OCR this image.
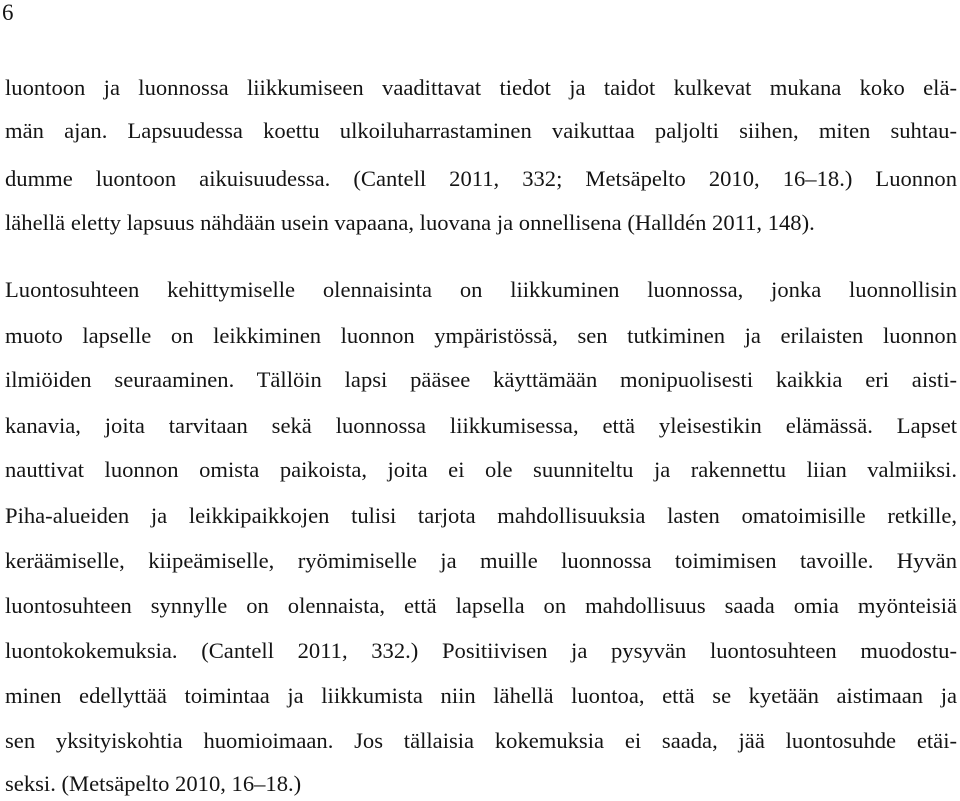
6
luontoon ja luonnossa liikkumiseen vaadittavat tiedot ja taidot kulkevat mukana koko elä-
män ajan. Lapsuudessa koettu ulkoiluharrastaminen vaikuttaa paljolti siihen, miten suhtau-
dumme luontoon aikuisuudessa. (Cantell 2011, 332; Metsäpelto 2010, 16–18.) Luonnon
lähellä eletty lapsuus nähdään usein vapaana, luovana ja onnellisena (Halldén 2011, 148).
Luontosuhteen kehittymiselle olennaisinta on liikkuminen luonnossa, jonka luonnollisin
muoto lapselle on leikkiminen luonnon ympäristössä, sen tutkiminen ja erilaisten luonnon
ilmiöiden seuraaminen. Tällöin lapsi pääsee käyttämään monipuolisesti kaikkia eri aisti-
kanavia, joita tarvitaan sekä luonnossa liikkumisessa, että yleisestikin elämässä. Lapset
nauttivat luonnon omista paikoista, joita ei ole suunniteltu ja rakennettu liian valmiiksi.
Piha-alueiden ja leikkipaikkojen tulisi tarjota mahdollisuuksia lasten omatoimisille retkille,
keräämiselle, kiipeämiselle, ryömimiselle ja muille luonnossa toimimisen tavoille. Hyvän
luontosuhteen synnylle on olennaista, että lapsella on mahdollisuus saada omia myönteisiä
luontokokemuksia. (Cantell 2011, 332.) Positiivisen ja pysyvän luontosuhteen muodostu-
minen edellyttää toimintaa ja liikkumista niin lähellä luontoa, että se kyetään aistimaan ja
sen yksityiskohtia huomioimaan. Jos tällaisia kokemuksia ei saada, jää luontosuhde etäi-
seksi. (Metsäpelto 2010, 16–18.)
